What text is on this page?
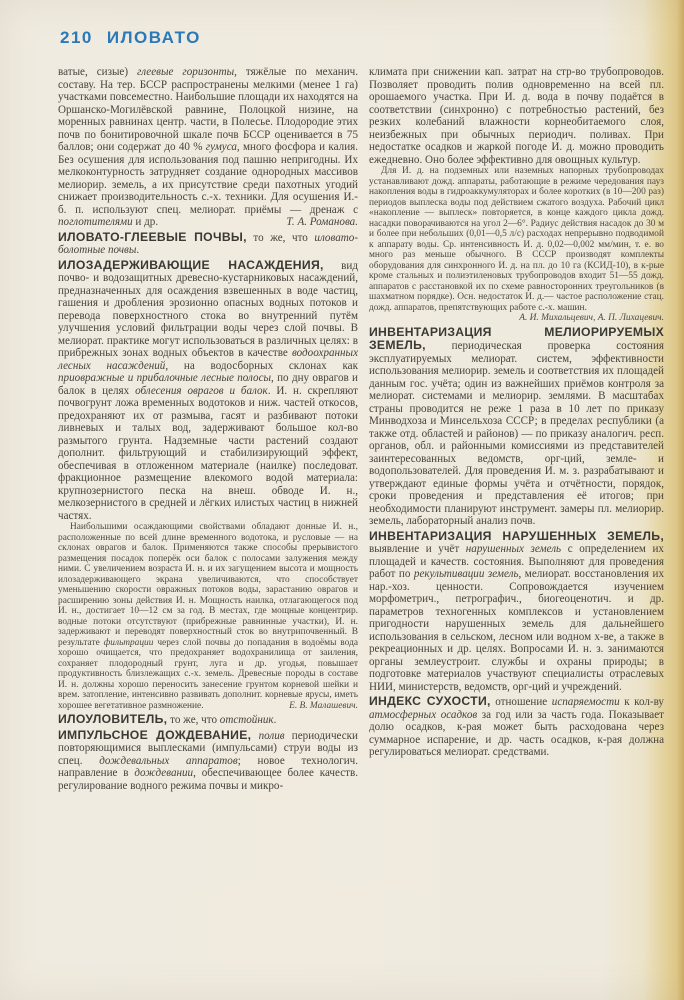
210 ИЛОВАТО

ватые, сизые) глеевые горизонты, тяжёлые по механич. составу. На тер. БССР распространены мелкими (менее 1 га) участками повсеместно. Наибольшие площади их находятся на Оршанско-Могилёвской равнине, Полоцкой низине, на моренных равнинах центр. части, в Полесье. Плодородие этих почв по бонитировочной шкале почв БССР оценивается в 75 баллов; они содержат до 40 % гумуса, много фосфора и калия. Без осушения для использования под пашню непригодны. Их мелкоконтурность затрудняет создание однородных массивов мелиорир. земель, а их присутствие среди пахотных угодий снижает производительность с.-х. техники. Для осушения И.-б. п. используют спец. мелиорат. приёмы — дренаж с поглотителями и др.	Т. А. Романова.

ИЛОВАТО-ГЛЕЕВЫЕ ПОЧВЫ, то же, что иловато-болотные почвы.

ИЛОЗАДЕРЖИВАЮЩИЕ НАСАЖДЕНИЯ, вид почво- и водозащитных древесно-кустарниковых насаждений, предназначенных для осаждения взвешенных в воде частиц, гашения и дробления эрозионно опасных водных потоков и перевода поверхностного стока во внутренний путём улучшения условий фильтрации воды через слой почвы. В мелиорат. практике могут использоваться в различных целях: в прибрежных зонах водных объектов в качестве водоохранных лесных насаждений, на водосборных склонах как приовражные и прибалочные лесные полосы, по дну оврагов и балок в целях облесения оврагов и балок. И. н. скрепляют почвогрунт ложа временных водотоков и ниж. частей откосов, предохраняют их от размыва, гасят и разбивают потоки ливневых и талых вод, задерживают большое кол-во размытого грунта. Надземные части растений создают дополнит. фильтрующий и стабилизирующий эффект, обеспечивая в отложенном материале (наилке) последоват. фракционное размещение влекомого водой материала: крупнозернистого песка на внеш. обводе И. н., мелкозернистого в средней и лёгких илистых частиц в нижней частях.

Наибольшими осаждающими свойствами обладают донные И. н., расположенные по всей длине временного водотока, и русловые — на склонах оврагов и балок. Применяются также способы прерывистого размещения посадок поперёк оси балок с полосами залужения между ними. С увеличением возраста И. н. и их загущением высота и мощность илозадерживающего экрана увеличиваются, что способствует уменьшению скорости овражных потоков воды, зарастанию оврагов и расширению зоны действия И. н. Мощность наилка, отлагающегося под И. н., достигает 10—12 см за год. В местах, где мощные концентрир. водные потоки отсутствуют (прибрежные равнинные участки), И. н. задерживают и переводят поверхностный сток во внутрипочвенный. В результате фильтрации через слой почвы до попадания в водоёмы вода хорошо очищается, что предохраняет водохранилища от заиления, сохраняет плодородный грунт, луга и др. угодья, повышает продуктивность близлежащих с.-х. земель. Древесные породы в составе И. н. должны хорошо переносить занесение грунтом корневой шейки и врем. затопление, интенсивно развивать дополнит. корневые ярусы, иметь хорошее вегетативное размножение.	Е. В. Малашевич.

ИЛОУЛОВИТЕЛЬ, то же, что отстойник.

ИМПУЛЬСНОЕ ДОЖДЕВАНИЕ, полив периодически повторяющимися выплесками (импульсами) струи воды из спец. дождевальных аппаратов; новое технологич. направление в дождевании, обеспечивающее более качеств. регулирование водного режима почвы и микро-

климата при снижении кап. затрат на стр-во трубопроводов. Позволяет проводить полив одновременно на всей пл. орошаемого участка. При И. д. вода в почву подаётся в соответствии (синхронно) с потребностью растений, без резких колебаний влажности корнеобитаемого слоя, неизбежных при обычных периодич. поливах. При недостатке осадков и жаркой погоде И. д. можно проводить ежедневно. Оно более эффективно для овощных культур.

Для И. д. на подземных или наземных напорных трубопроводах устанавливают дожд. аппараты, работающие в режиме чередования пауз накопления воды в гидроаккумуляторах и более коротких (в 10—200 раз) периодов выплеска воды под действием сжатого воздуха. Рабочий цикл «накопление — выплеск» повторяется, в конце каждого цикла дожд. насадки поворачиваются на угол 2—6°. Радиус действия насадок до 30 м и более при небольших (0,01—0,5 л/с) расходах непрерывно подводимой к аппарату воды. Ср. интенсивность И. д. 0,02—0,002 мм/мин, т. е. во много раз меньше обычного. В СССР производят комплекты оборудования для синхронного И. д. на пл. до 10 га (КСИД-10), в к-рые кроме стальных и полиэтиленовых трубопроводов входит 51—55 дожд. аппаратов с расстановкой их по схеме равносторонних треугольников (в шахматном порядке). Осн. недостаток И. д.— частое расположение стац. дожд. аппаратов, препятствующих работе с.-х. машин.
А. И. Михальцевич, А. П. Лихацевич.

ИНВЕНТАРИЗАЦИЯ МЕЛИОРИРУЕМЫХ ЗЕМЕЛЬ, периодическая проверка состояния эксплуатируемых мелиорат. систем, эффективности использования мелиорир. земель и соответствия их площадей данным гос. учёта; один из важнейших приёмов контроля за мелиорат. системами и мелиорир. землями. В масштабах страны проводится не реже 1 раза в 10 лет по приказу Минводхоза и Минсельхоза СССР; в пределах республики (а также отд. областей и районов) — по приказу аналогич. респ. органов, обл. и районными комиссиями из представителей заинтересованных ведомств, орг-ций, земле- и водопользователей. Для проведения И. м. з. разрабатывают и утверждают единые формы учёта и отчётности, порядок, сроки проведения и представления её итогов; при необходимости планируют инструмент. замеры пл. мелиорир. земель, лабораторный анализ почв.

ИНВЕНТАРИЗАЦИЯ НАРУШЕННЫХ ЗЕМЕЛЬ, выявление и учёт нарушенных земель с определением их площадей и качеств. состояния. Выполняют для проведения работ по рекультивации земель, мелиорат. восстановления их нар.-хоз. ценности. Сопровождается изучением морфометрич., петрографич., биогеоценотич. и др. параметров техногенных комплексов и установлением пригодности нарушенных земель для дальнейшего использования в сельском, лесном или водном х-ве, а также в рекреационных и др. целях. Вопросами И. н. з. занимаются органы землеустроит. службы и охраны природы; в подготовке материалов участвуют специалисты отраслевых НИИ, министерств, ведомств, орг-ций и учреждений.

ИНДЕКС СУХОСТИ, отношение испаряемости к кол-ву атмосферных осадков за год или за часть года. Показывает долю осадков, к-рая может быть расходована через суммарное испарение, и др. часть осадков, к-рая должна регулироваться мелиорат. средствами.
